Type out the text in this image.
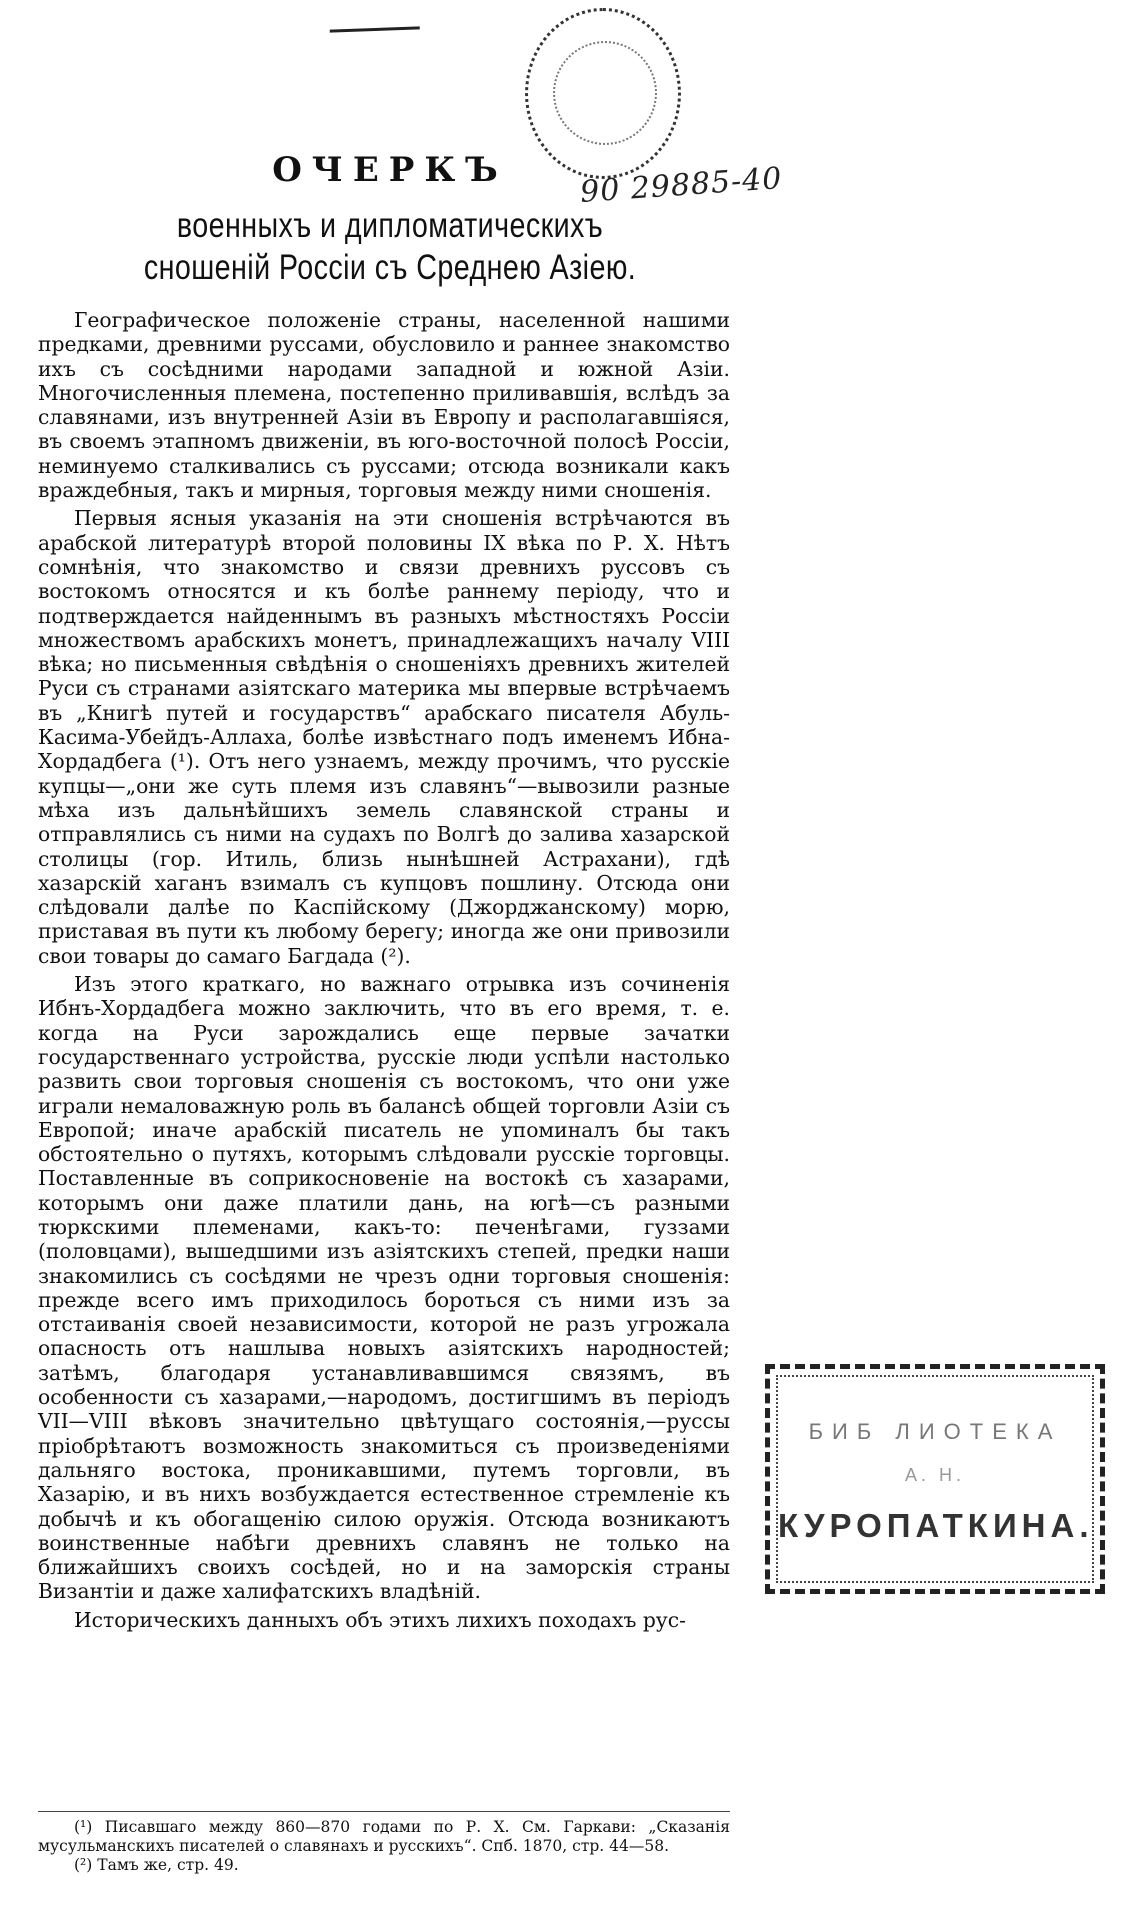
90 29885-40
ОЧЕРКЪ
военныхъ и дипломатическихъ сношеній Россіи съ Среднею Азіею.

Географическое положеніе страны, населенной нашими предками, древними руссами, обусловило и раннее знакомство ихъ съ сосѣдними народами западной и южной Азіи. Многочисленныя племена, постепенно приливавшія, вслѣдъ за славянами, изъ внутренней Азіи въ Европу и располагавшіяся, въ своемъ этапномъ движеніи, въ юго-восточной полосѣ Россіи, неминуемо сталкивались съ руссами; отсюда возникали какъ враждебныя, такъ и мирныя, торговыя между ними сношенія.

Первыя ясныя указанія на эти сношенія встрѣчаются въ арабской литературѣ второй половины IX вѣка по Р. Х. Нѣтъ сомнѣнія, что знакомство и связи древнихъ руссовъ съ востокомъ относятся и къ болѣе раннему періоду, что и подтверждается найденнымъ въ разныхъ мѣстностяхъ Россіи множествомъ арабскихъ монетъ, принадлежащихъ началу VIII вѣка; но письменныя свѣдѣнія о сношеніяхъ древнихъ жителей Руси съ странами азіятскаго материка мы впервые встрѣчаемъ въ „Книгѣ путей и государствъ“ арабскаго писателя Абуль-Касима-Убейдъ-Аллаха, болѣе извѣстнаго подъ именемъ Ибна-Хордадбега (¹). Отъ него узнаемъ, между прочимъ, что русскіе купцы—„они же суть племя изъ славянъ“—вывозили разные мѣха изъ дальнѣйшихъ земель славянской страны и отправлялись съ ними на судахъ по Волгѣ до залива хазарской столицы (гор. Итиль, близь нынѣшней Астрахани), гдѣ хазарскій хаганъ взималъ съ купцовъ пошлину. Отсюда они слѣдовали далѣе по Каспійскому (Джорджанскому) морю, приставая въ пути къ любому берегу; иногда же они привозили свои товары до самаго Багдада (²).

Изъ этого краткаго, но важнаго отрывка изъ сочиненія Ибнъ-Хордадбега можно заключить, что въ его время, т. е. когда на Руси зарождались еще первые зачатки государственнаго устройства, русскіе люди успѣли настолько развить свои торговыя сношенія съ востокомъ, что они уже играли немаловажную роль въ балансѣ общей торговли Азіи съ Европой; иначе арабскій писатель не упоминалъ бы такъ обстоятельно о путяхъ, которымъ слѣдовали русскіе торговцы. Поставленные въ соприкосновеніе на востокѣ съ хазарами, которымъ они даже платили дань, на югѣ—съ разными тюркскими племенами, какъ-то: печенѣгами, гуззами (половцами), вышедшими изъ азіятскихъ степей, предки наши знакомились съ сосѣдями не чрезъ одни торговыя сношенія: прежде всего имъ приходилось бороться съ ними изъ за отстаиванія своей независимости, которой не разъ угрожала опасность отъ нашлыва новыхъ азіятскихъ народностей; затѣмъ, благодаря устанавливавшимся связямъ, въ особенности съ хазарами,—народомъ, достигшимъ въ періодъ VII—VIII вѣковъ значительно цвѣтущаго состоянія,—руссы пріобрѣтаютъ возможность знакомиться съ произведеніями дальняго востока, проникавшими, путемъ торговли, въ Хазарію, и въ нихъ возбуждается естественное стремленіе къ добычѣ и къ обогащенію силою оружія. Отсюда возникаютъ воинственные набѣги древнихъ славянъ не только на ближайшихъ своихъ сосѣдей, но и на заморскія страны Византіи и даже халифатскихъ владѣній.

Историческихъ данныхъ объ этихъ лихихъ походахъ рус-

(¹) Писавшаго между 860—870 годами по Р. Х. См. Гаркави: „Сказанія мусульманскихъ писателей о славянахъ и русскихъ“. Спб. 1870, стр. 44—58.

(²) Тамъ же, стр. 49.

БИБ ЛИОТЕКА
А. Н.
КУРОПАТКИНА.
